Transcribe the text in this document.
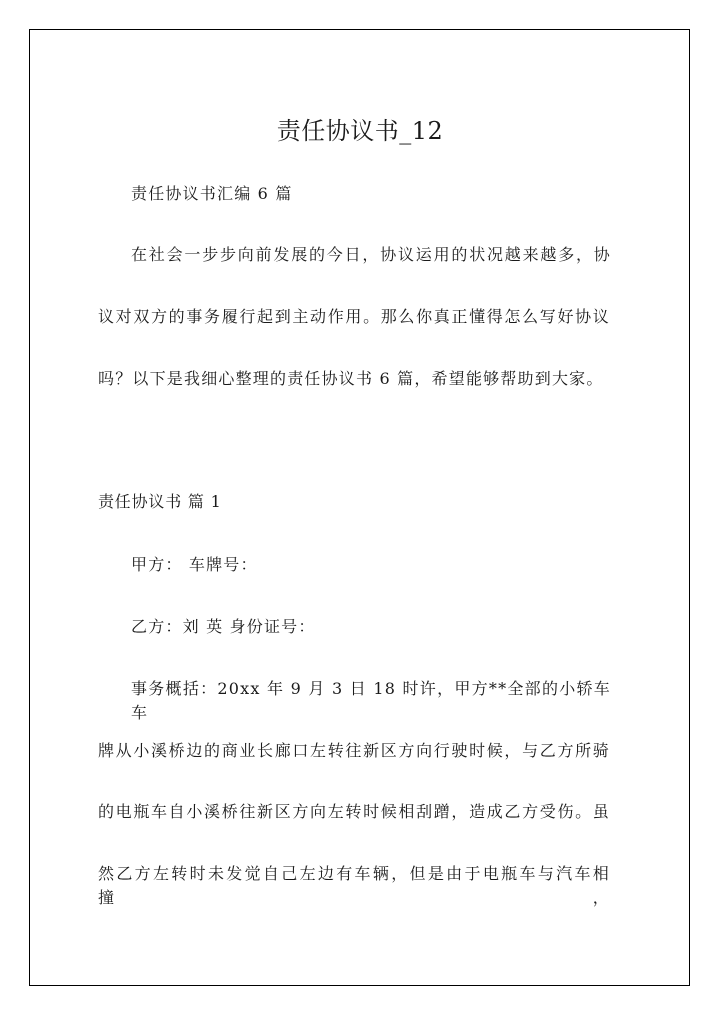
责任协议书_12
责任协议书汇编 6 篇
在社会一步步向前发展的今日，协议运用的状况越来越多，协
议对双方的事务履行起到主动作用。那么你真正懂得怎么写好协议
吗？以下是我细心整理的责任协议书 6 篇，希望能够帮助到大家。
责任协议书 篇 1
甲方： 车牌号：
乙方：刘 英 身份证号：
事务概括：20xx 年 9 月 3 日 18 时许，甲方**全部的小轿车车
牌从小溪桥边的商业长廊口左转往新区方向行驶时候，与乙方所骑
的电瓶车自小溪桥往新区方向左转时候相刮蹭，造成乙方受伤。虽
然乙方左转时未发觉自己左边有车辆，但是由于电瓶车与汽车相撞，
